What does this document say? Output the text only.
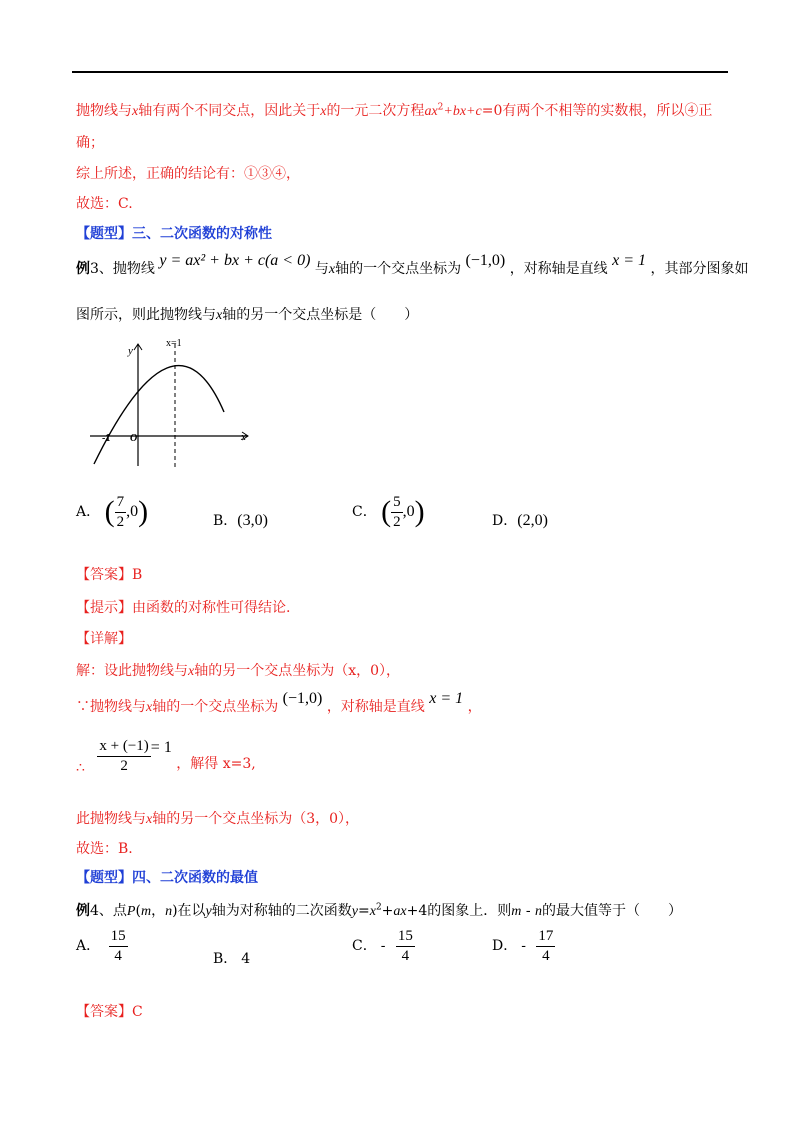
抛物线与x轴有两个不同交点，因此关于x的一元二次方程$ax^2+bx+c=0$有两个不相等的实数根，所以④正
确；
综上所述，正确的结论有：①③④，
故选：C.
【题型】三、二次函数的对称性
例3、抛物线 y = ax² + bx + c(a < 0) 与x轴的一个交点坐标为 (−1,0) ，对称轴是直线 x = 1 ，其部分图象如
图所示，则此抛物线与x轴的另一个交点坐标是（　　）
y
x=1
x
-1 O
A． ( $\frac{7}{2} ,0$)	B．(3,0)	C． ( $\frac{5}{2} ,0$)	D．(2,0)
【答案】B
【提示】由函数的对称性可得结论.
【详解】
解：设此抛物线与x轴的另一个交点坐标为（x，0），
∵抛物线与x轴的一个交点坐标为 (−1,0) ，对称轴是直线 x = 1 ，
∴ $\frac{x + (-1)}{2} = 1$ ，解得 x=3,
此抛物线与x轴的另一个交点坐标为（3，0），
故选：B.
【题型】四、二次函数的最值
例4、点P(m，n)在以y轴为对称轴的二次函数$y=x^2+ax+4$的图象上．则m - n的最大值等于（　　）
A． $\frac{15}{4}$	B． 4
C． - $\frac{15}{4}$	D． - $\frac{17}{4}$
【答案】C
